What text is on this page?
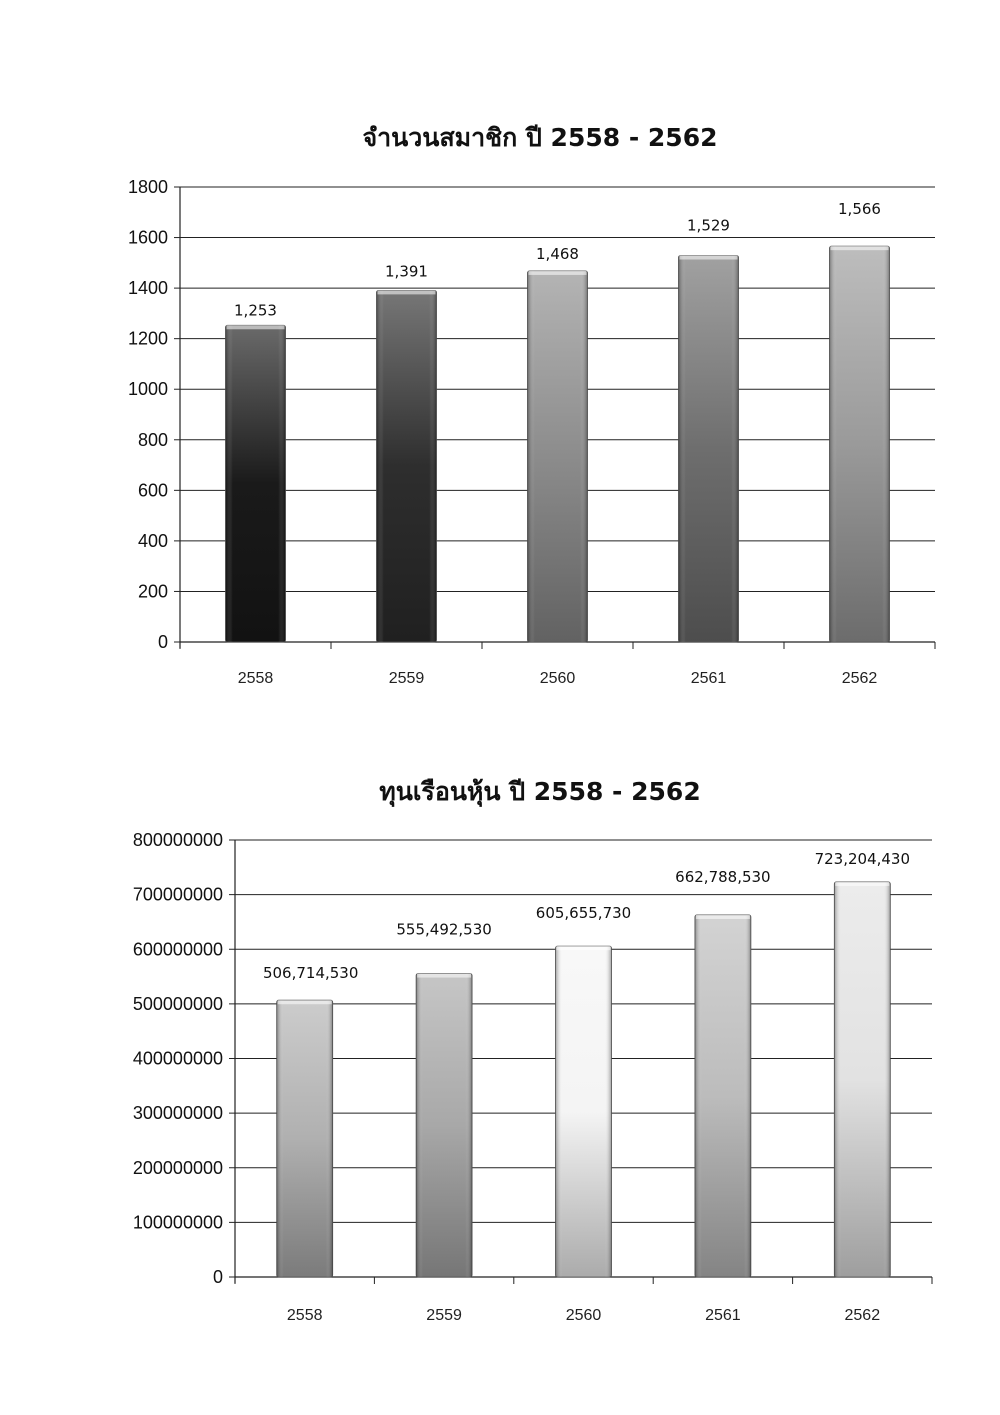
จำนวนสมาชิก ปี 2558 - 2562
0
200
400
600
800
1000
1200
1400
1600
1800
1,253
2558
1,391
2559
1,468
2560
1,529
2561
1,566
2562
ทุนเรือนหุ้น ปี 2558 - 2562
0
100000000
200000000
300000000
400000000
500000000
600000000
700000000
800000000
506,714,530
2558
555,492,530
2559
605,655,730
2560
662,788,530
2561
723,204,430
2562
